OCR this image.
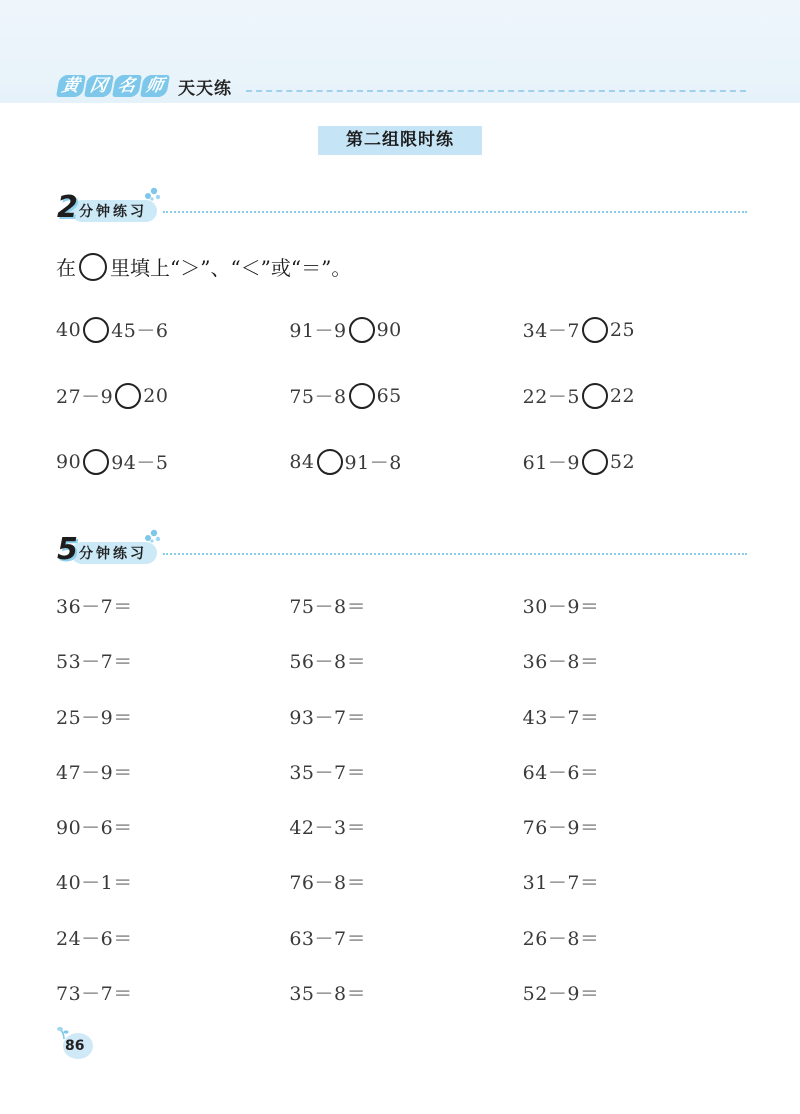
黄 冈 名 师 天天练
第二组限时练
2 分钟练习
在 里填上“＞”、“＜”或“＝”。
40 45－6	91－9 90	34－7 25
27－9 20	75－8 65	22－5 22
90 94－5	84 91－8	61－9 52
5 分钟练习
36－7＝	75－8＝	30－9＝
53－7＝	56－8＝	36－8＝
25－9＝	93－7＝	43－7＝
47－9＝	35－7＝	64－6＝
90－6＝	42－3＝	76－9＝
40－1＝	76－8＝	31－7＝
24－6＝	63－7＝	26－8＝
73－7＝	35－8＝	52－9＝
86
